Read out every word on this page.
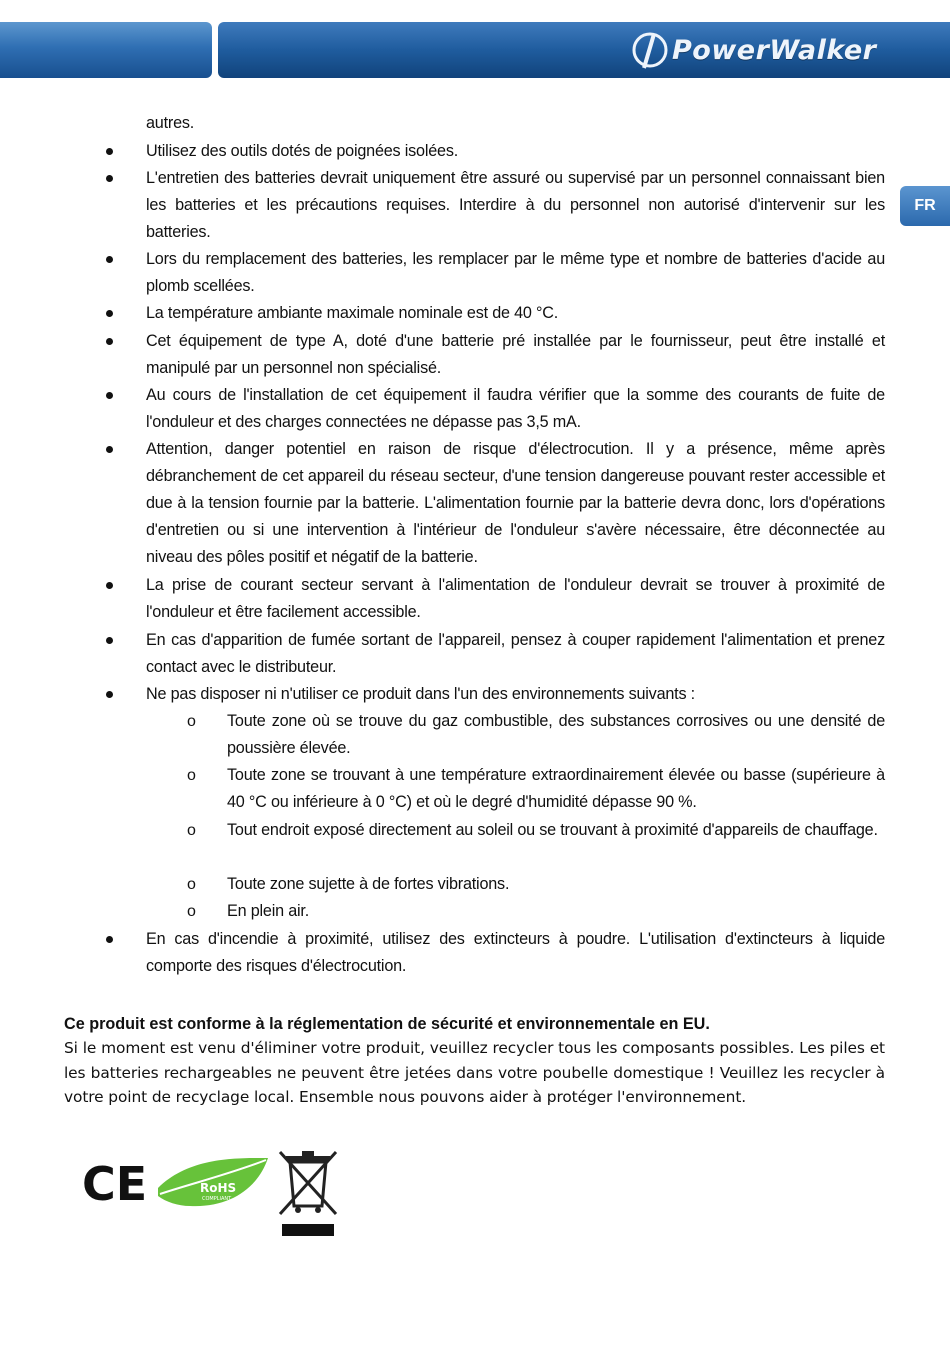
PowerWalker
FR

autres.

Utilisez des outils dotés de poignées isolées.

L'entretien des batteries devrait uniquement être assuré ou supervisé par un personnel connaissant bien les batteries et les précautions requises. Interdire à du personnel non autorisé d'intervenir sur les batteries.

Lors du remplacement des batteries, les remplacer par le même type et nombre de batteries d'acide au plomb scellées.

La température ambiante maximale nominale est de 40 °C.

Cet équipement de type A, doté d'une batterie pré installée par le fournisseur, peut être installé et manipulé par un personnel non spécialisé.

Au cours de l'installation de cet équipement il faudra vérifier que la somme des courants de fuite de l'onduleur et des charges connectées ne dépasse pas 3,5 mA.

Attention, danger potentiel en raison de risque d'électrocution. Il y a présence, même après débranchement de cet appareil du réseau secteur, d'une tension dangereuse pouvant rester accessible et due à la tension fournie par la batterie. L'alimentation fournie par la batterie devra donc, lors d'opérations d'entretien ou si une intervention à l'intérieur de l'onduleur s'avère nécessaire, être déconnectée au niveau des pôles positif et négatif de la batterie.

La prise de courant secteur servant à l'alimentation de l'onduleur devrait se trouver à proximité de l'onduleur et être facilement accessible.

En cas d'apparition de fumée sortant de l'appareil, pensez à couper rapidement l'alimentation et prenez contact avec le distributeur.

Ne pas disposer ni n'utiliser ce produit dans l'un des environnements suivants :

o Toute zone où se trouve du gaz combustible, des substances corrosives ou une densité de poussière élevée.

o Toute zone se trouvant à une température extraordinairement élevée ou basse (supérieure à 40 °C ou inférieure à 0 °C) et où le degré d'humidité dépasse 90 %.

o Tout endroit exposé directement au soleil ou se trouvant à proximité d'appareils de chauffage.

o Toute zone sujette à de fortes vibrations.

o En plein air.

En cas d'incendie à proximité, utilisez des extincteurs à poudre. L'utilisation d'extincteurs à liquide comporte des risques d'électrocution.

Ce produit est conforme à la réglementation de sécurité et environnementale en EU.

Si le moment est venu d'éliminer votre produit, veuillez recycler tous les composants possibles. Les piles et les batteries rechargeables ne peuvent être jetées dans votre poubelle domestique ! Veuillez les recycler à votre point de recyclage local. Ensemble nous pouvons aider à protéger l'environnement.

CE	RoHS
COMPLIANT
